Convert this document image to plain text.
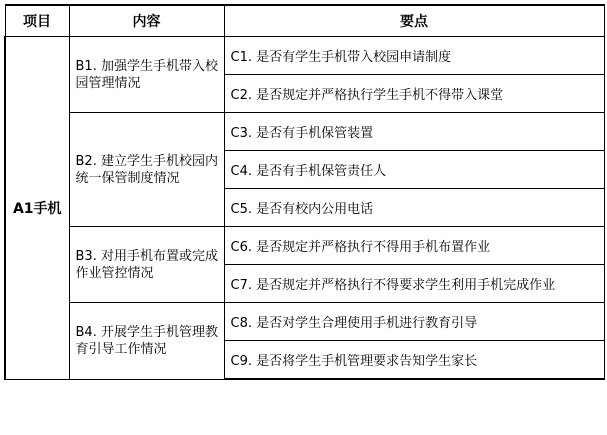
项目	内容	要点
A1手机	B1. 加强学生手机带入校园管理情况	C1. 是否有学生手机带入校园申请制度
		C2. 是否规定并严格执行学生手机不得带入课堂
	B2. 建立学生手机校园内统一保管制度情况	C3. 是否有手机保管装置
		C4. 是否有手机保管责任人
		C5. 是否有校内公用电话
	B3. 对用手机布置或完成作业管控情况	C6. 是否规定并严格执行不得用手机布置作业
		C7. 是否规定并严格执行不得要求学生利用手机完成作业
	B4. 开展学生手机管理教育引导工作情况	C8. 是否对学生合理使用手机进行教育引导
		C9. 是否将学生手机管理要求告知学生家长
